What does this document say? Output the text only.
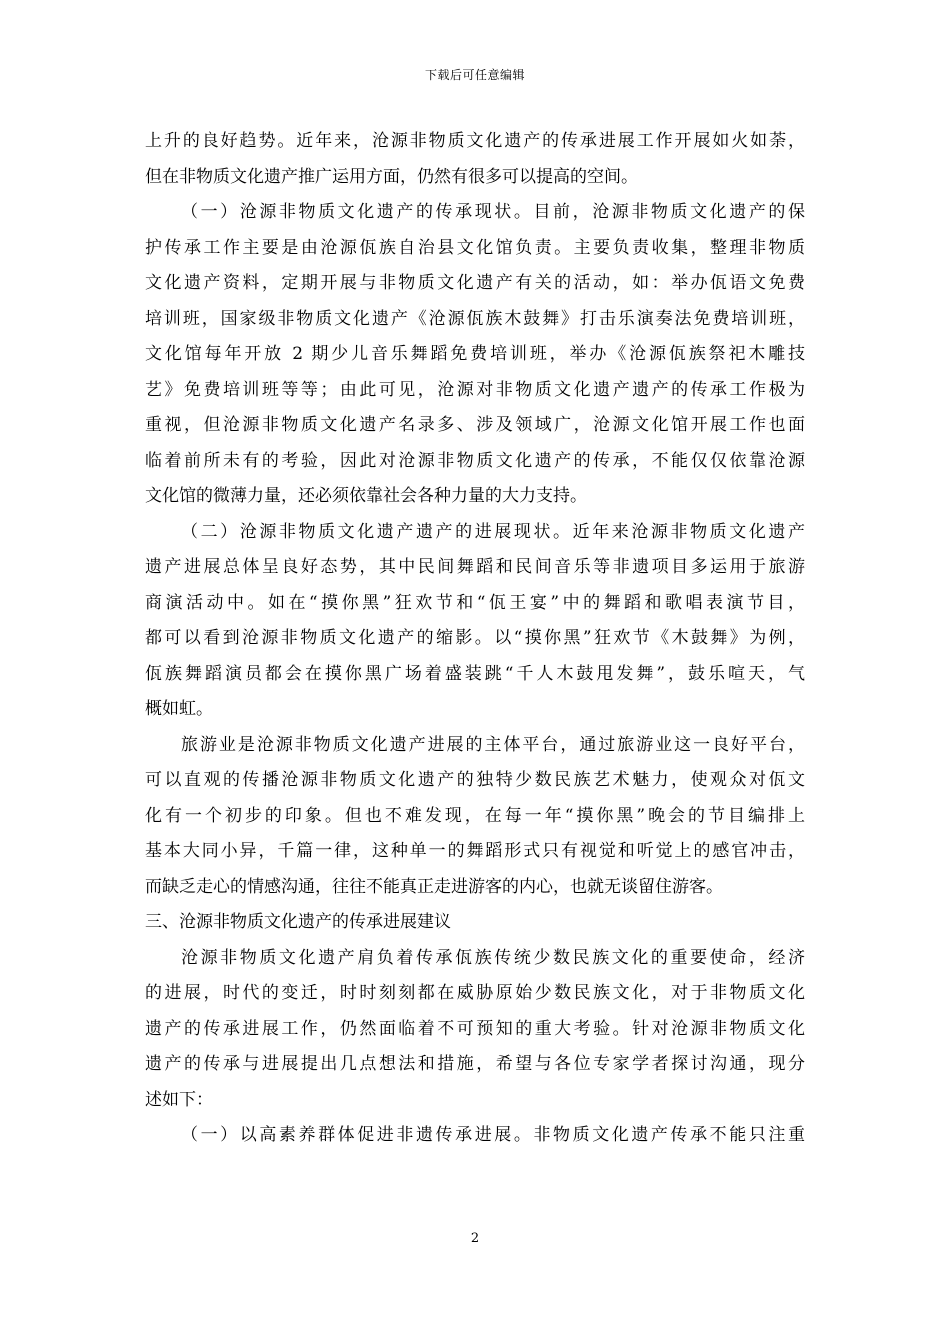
下载后可任意编辑
上升的良好趋势。近年来，沧源非物质文化遗产的传承进展工作开展如火如荼，
但在非物质文化遗产推广运用方面，仍然有很多可以提高的空间。
（一）沧源非物质文化遗产的传承现状。目前，沧源非物质文化遗产的保
护传承工作主要是由沧源佤族自治县文化馆负责。主要负责收集，整理非物质
文化遗产资料，定期开展与非物质文化遗产有关的活动，如：举办佤语文免费
培训班，国家级非物质文化遗产《沧源佤族木鼓舞》打击乐演奏法免费培训班，
文化馆每年开放 2 期少儿音乐舞蹈免费培训班，举办《沧源佤族祭祀木雕技
艺》免费培训班等等；由此可见，沧源对非物质文化遗产遗产的传承工作极为
重视，但沧源非物质文化遗产名录多、涉及领域广，沧源文化馆开展工作也面
临着前所未有的考验，因此对沧源非物质文化遗产的传承，不能仅仅依靠沧源
文化馆的微薄力量，还必须依靠社会各种力量的大力支持。
（二）沧源非物质文化遗产遗产的进展现状。近年来沧源非物质文化遗产
遗产进展总体呈良好态势，其中民间舞蹈和民间音乐等非遗项目多运用于旅游
商演活动中。如在“摸你黑”狂欢节和“佤王宴”中的舞蹈和歌唱表演节目，
都可以看到沧源非物质文化遗产的缩影。以“摸你黑”狂欢节《木鼓舞》为例，
佤族舞蹈演员都会在摸你黑广场着盛装跳“千人木鼓甩发舞”，鼓乐喧天，气
概如虹。
旅游业是沧源非物质文化遗产进展的主体平台，通过旅游业这一良好平台，
可以直观的传播沧源非物质文化遗产的独特少数民族艺术魅力，使观众对佤文
化有一个初步的印象。但也不难发现，在每一年“摸你黑”晚会的节目编排上
基本大同小异，千篇一律，这种单一的舞蹈形式只有视觉和听觉上的感官冲击，
而缺乏走心的情感沟通，往往不能真正走进游客的内心，也就无谈留住游客。
三、沧源非物质文化遗产的传承进展建议
沧源非物质文化遗产肩负着传承佤族传统少数民族文化的重要使命，经济
的进展，时代的变迁，时时刻刻都在威胁原始少数民族文化，对于非物质文化
遗产的传承进展工作，仍然面临着不可预知的重大考验。针对沧源非物质文化
遗产的传承与进展提出几点想法和措施，希望与各位专家学者探讨沟通，现分
述如下：
（一）以高素养群体促进非遗传承进展。非物质文化遗产传承不能只注重
2
